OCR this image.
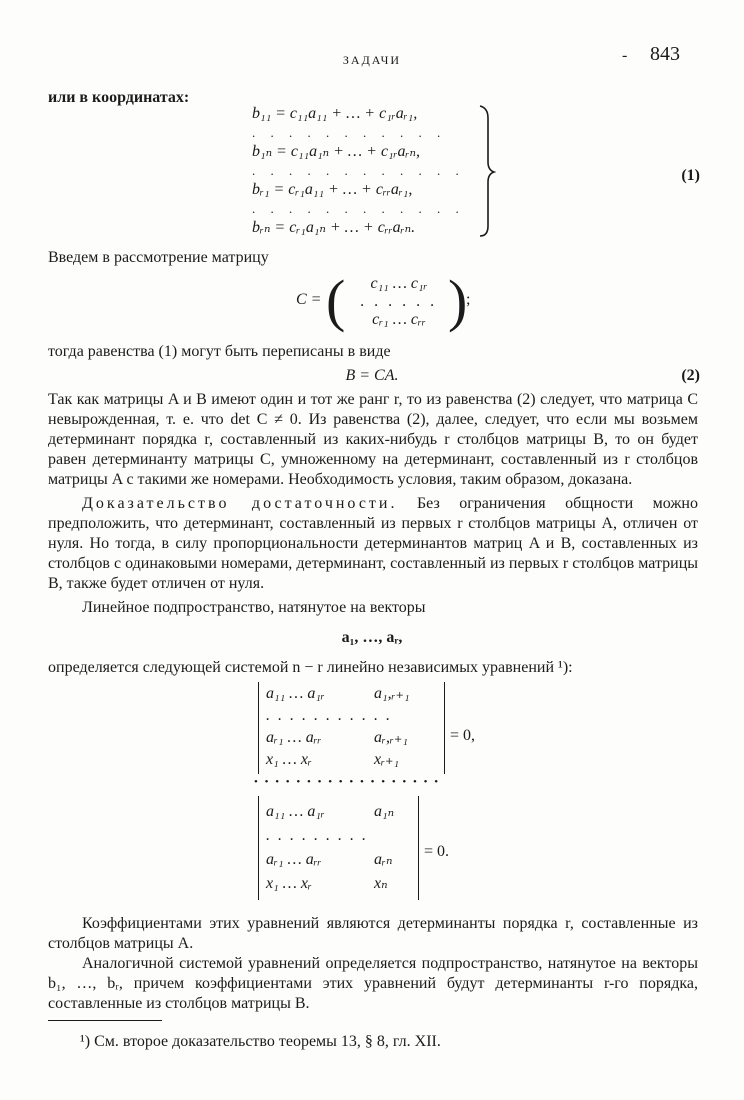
ЗАДАЧИ	- 843
или в координатах:
b₁₁ = c₁₁a₁₁ + … + c₁ᵣaᵣ₁,
. . . . . . . . . . .
b₁ₙ = c₁₁a₁ₙ + … + c₁ᵣaᵣₙ,
. . . . . . . . . . . .
bᵣ₁ = cᵣ₁a₁₁ + … + cᵣᵣaᵣ₁,
. . . . . . . . . . . .
bᵣₙ = cᵣ₁a₁ₙ + … + cᵣᵣaᵣₙ.
(1)
Введем в рассмотрение матрицу
C = (	c₁₁ … c₁ᵣ
. . . . . .
cᵣ₁ … cᵣᵣ )
;
тогда равенства (1) могут быть переписаны в виде
B = CA.	(2)

Так как матрицы A и B имеют один и тот же ранг r, то из равенства (2) следует, что матрица C невырожденная, т. е. что det C ≠ 0. Из равенства (2), далее, следует, что если мы возьмем детерминант порядка r, составленный из каких-нибудь r столбцов матрицы B, то он будет равен детерминанту матрицы C, умноженному на детерминант, составленный из r столбцов матрицы A с такими же номерами. Необходимость условия, таким образом, доказана.

Доказательство достаточности. Без ограничения общности можно предположить, что детерминант, составленный из первых r столбцов матрицы A, отличен от нуля. Но тогда, в силу пропорциональности детерминантов матриц A и B, составленных из столбцов с одинаковыми номерами, детерминант, составленный из первых r столбцов матрицы B, также будет отличен от нуля.

Линейное подпространство, натянутое на векторы

a₁, …, aᵣ,

определяется следующей системой n − r линейно независимых уравнений ¹):

a₁₁ … a₁ᵣ	a₁,ᵣ₊₁
. . . . . . . . . . .
aᵣ₁ … aᵣᵣ	aᵣ,ᵣ₊₁
x₁ … xᵣ	xᵣ₊₁
= 0,
• • • • • • • • • • • • • • • • • •
a₁₁ … a₁ᵣ	a₁ₙ
. . . . . . . . .
aᵣ₁ … aᵣᵣ	aᵣₙ
x₁ … xᵣ	xₙ
= 0.

Коэффициентами этих уравнений являются детерминанты порядка r, составленные из столбцов матрицы A.

Аналогичной системой уравнений определяется подпространство, натянутое на векторы b₁, …, bᵣ, причем коэффициентами этих уравнений будут детерминанты r-го порядка, составленные из столбцов матрицы B.

¹) См. второе доказательство теоремы 13, § 8, гл. XII.
